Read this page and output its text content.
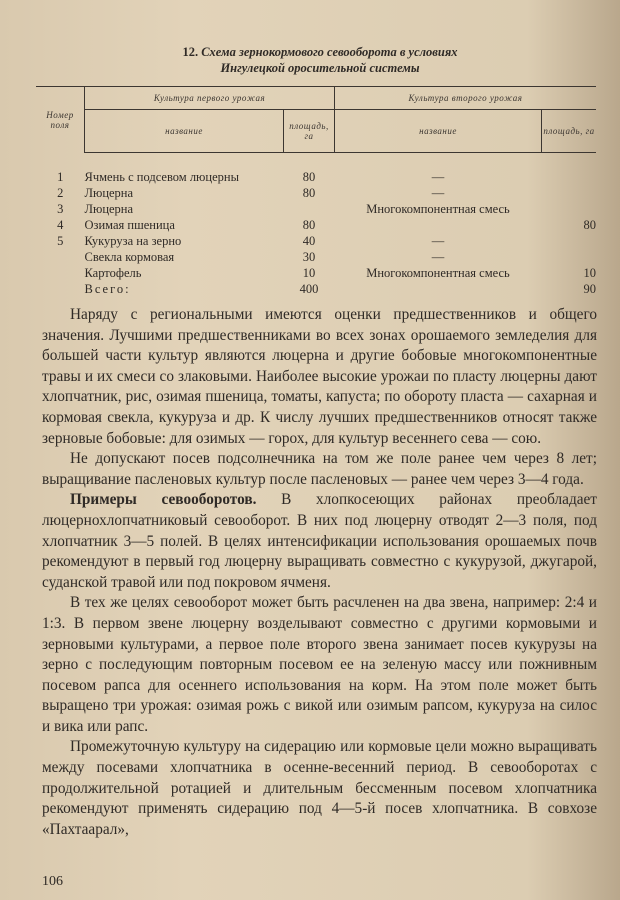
12. Схема зернокормового севооборота в условиях
Ингулецкой оросительной системы
Номер поля	Культура первого урожая		Культура второго урожая	
	название	площадь, га	название	площадь, га

1	Ячмень с подсевом люцерны	80	—	
2	Люцерна	80	—	
3	Люцерна		Многокомпонентная смесь	
4	Озимая пшеница	80		80
5	Кукуруза на зерно	40	—	
	Свекла кормовая	30	—	
	Картофель	10	Многокомпонентная смесь	10
	Всего:	400		90

Наряду с региональными имеются оценки предшественников и общего значения. Лучшими предшественниками во всех зонах орошаемого земледелия для большей части культур являются люцерна и другие бобовые многокомпонентные травы и их смеси со злаковыми. Наиболее высокие урожаи по пласту люцерны дают хлопчатник, рис, озимая пшеница, томаты, капуста; по обороту пласта — сахарная и кормовая свекла, кукуруза и др. К числу лучших предшественников относят также зерновые бобовые: для озимых — горох, для культур весеннего сева — сою.

Не допускают посев подсолнечника на том же поле ранее чем через 8 лет; выращивание пасленовых культур после пасленовых — ранее чем через 3—4 года.

Примеры севооборотов. В хлопкосеющих районах преобладает люцернохлопчатниковый севооборот. В них под люцерну отводят 2—3 поля, под хлопчатник 3—5 полей. В целях интенсификации использования орошаемых почв рекомендуют в первый год люцерну выращивать совместно с кукурузой, джугарой, суданской травой или под покровом ячменя.

В тех же целях севооборот может быть расчленен на два звена, например: 2:4 и 1:3. В первом звене люцерну возделывают совместно с другими кормовыми и зерновыми культурами, а первое поле второго звена занимает посев кукурузы на зерно с последующим повторным посевом ее на зеленую массу или пожнивным посевом рапса для осеннего использования на корм. На этом поле может быть выращено три урожая: озимая рожь с викой или озимым рапсом, кукуруза на силос и вика или рапс.

Промежуточную культуру на сидерацию или кормовые цели можно выращивать между посевами хлопчатника в осенне-весенний период. В севооборотах с продолжительной ротацией и длительным бессменным посевом хлопчатника рекомендуют применять сидерацию под 4—5-й посев хлопчатника. В совхозе «Пахтаарал»,

106
